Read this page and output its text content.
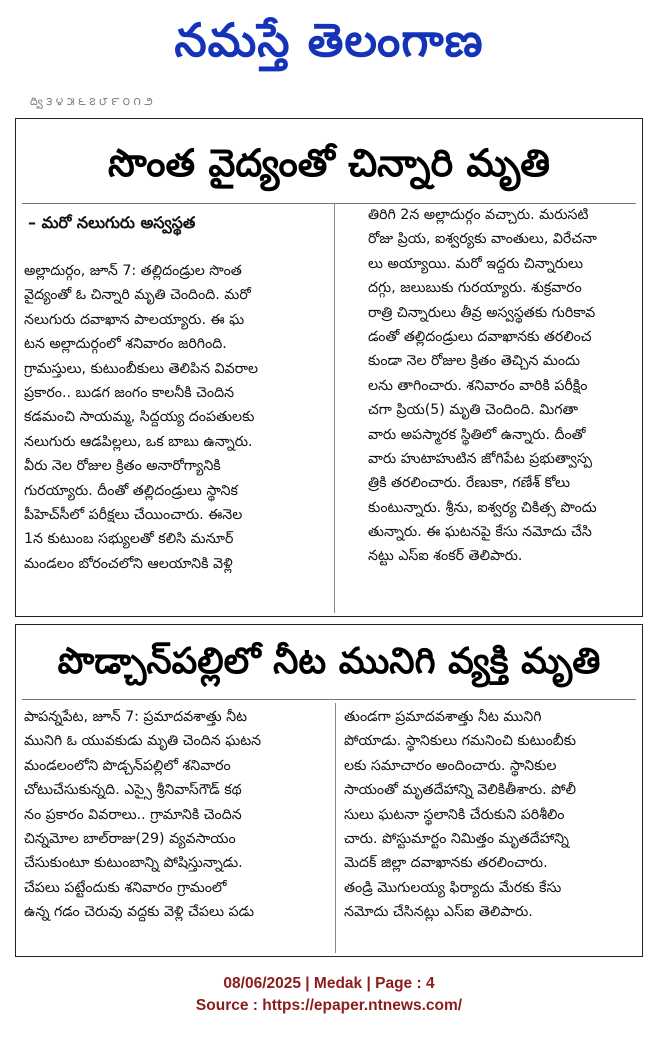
నమస్తే తెలంగాణ
ద్వి ౩ ౪ ౫ ౬ ౭ ౮ ౯ ౦ ౧ ౨
సొంత వైద్యంతో చిన్నారి మృతి
– మరో నలుగురు అస్వస్థత
అల్లాదుర్గం, జూన్ 7: తల్లిదండ్రుల సొంత
వైద్యంతో ఓ చిన్నారి మృతి చెందింది. మరో
నలుగురు దవాఖాన పాలయ్యారు. ఈ ఘ
టన అల్లాదుర్గంలో శనివారం జరిగింది.
గ్రామస్తులు, కుటుంబీకులు తెలిపిన వివరాల
ప్రకారం.. బుడగ జంగం కాలనీకి చెందిన
కడమంచి సాయమ్మ, సిద్దయ్య దంపతులకు
నలుగురు ఆడపిల్లలు, ఒక బాబు ఉన్నారు.
వీరు నెల రోజుల క్రితం అనారోగ్యానికి
గురయ్యారు. దీంతో తల్లిదండ్రులు స్థానిక
పీహెచ్‌సీలో పరీక్షలు చేయించారు. ఈనెల
1న కుటుంబ సభ్యులతో కలిసి మనూర్
మండలం బోరంచలోని ఆలయానికి వెళ్లి
తిరిగి 2న అల్లాదుర్గం వచ్చారు. మరుసటి
రోజు ప్రియ, ఐశ్వర్యకు వాంతులు, విరేచనా
లు అయ్యాయి. మరో ఇద్దరు చిన్నారులు
దగ్గు, జలుబుకు గురయ్యారు. శుక్రవారం
రాత్రి చిన్నారులు తీవ్ర అస్వస్థతకు గురికావ
డంతో తల్లిదండ్రులు దవాఖానకు తరలించ
కుండా నెల రోజుల క్రితం తెచ్చిన మందు
లను తాగించారు. శనివారం వారికి పరీక్షిం
చగా ప్రియ(5) మృతి చెందింది. మిగతా
వారు అపస్మారక స్థితిలో ఉన్నారు. దీంతో
వారు హుటాహుటిన జోగిపేట ప్రభుత్వాస్ప
త్రికి తరలించారు. రేణుకా, గణేశ్ కోలు
కుంటున్నారు. శ్రీను, ఐశ్వర్య చికిత్స పొందు
తున్నారు. ఈ ఘటనపై కేసు నమోదు చేసి
నట్టు ఎస్ఐ శంకర్ తెలిపారు.
పొడ్చాన్‌పల్లిలో నీట మునిగి వ్యక్తి మృతి
పాపన్నపేట, జూన్ 7: ప్రమాదవశాత్తు నీట
మునిగి ఓ యువకుడు మృతి చెందిన ఘటన
మండలంలోని పొడ్చన్‌పల్లిలో శనివారం
చోటుచేసుకున్నది. ఎస్సై శ్రీనివాస్‌గౌడ్ కథ
నం ప్రకారం వివరాలు.. గ్రామానికి చెందిన
చిన్నమోల బాల్‌రాజు(29) వ్యవసాయం
చేసుకుంటూ కుటుంబాన్ని పోషిస్తున్నాడు.
చేపలు పట్టేందుకు శనివారం గ్రామంలో
ఉన్న గడం చెరువు వద్దకు వెళ్లి చేపలు పడు
తుండగా ప్రమాదవశాత్తు నీట మునిగి
పోయాడు. స్థానికులు గమనించి కుటుంబీకు
లకు సమాచారం అందించారు. స్థానికుల
సాయంతో మృతదేహాన్ని వెలికితీశారు. పోలీ
సులు ఘటనా స్థలానికి చేరుకుని పరిశీలిం
చారు. పోస్టుమార్టం నిమిత్తం మృతదేహాన్ని
మెదక్ జిల్లా దవాఖానకు తరలించారు.
తండ్రి మొగులయ్య ఫిర్యాదు మేరకు కేసు
నమోదు చేసినట్లు ఎస్ఐ తెలిపారు.
08/06/2025 | Medak | Page : 4
Source : https://epaper.ntnews.com/
